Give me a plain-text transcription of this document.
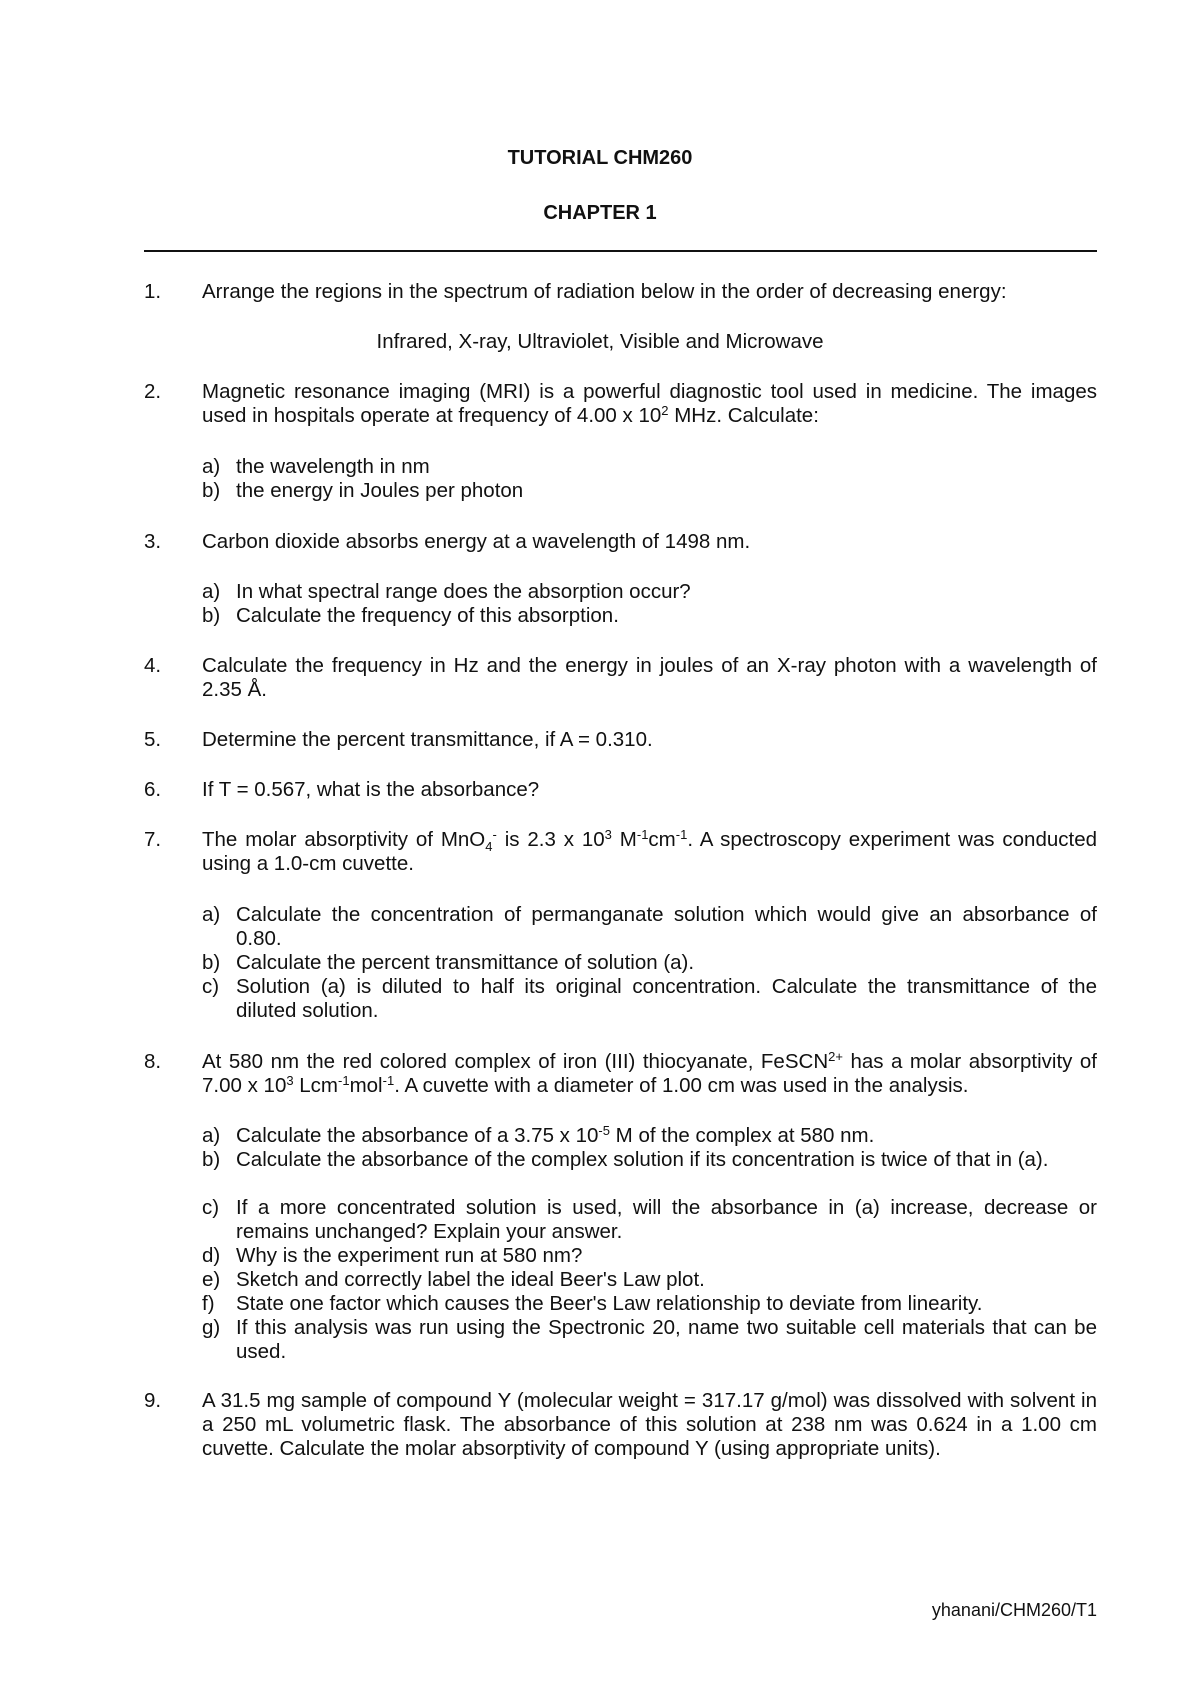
TUTORIAL CHM260
CHAPTER 1
1. Arrange the regions in the spectrum of radiation below in the order of decreasing energy:
Infrared, X-ray, Ultraviolet, Visible and Microwave
2. Magnetic resonance imaging (MRI) is a powerful diagnostic tool used in medicine. The images used in hospitals operate at frequency of 4.00 x $10^2$ MHz. Calculate:
a) the wavelength in nm
b) the energy in Joules per photon
3. Carbon dioxide absorbs energy at a wavelength of 1498 nm.
a) In what spectral range does the absorption occur?
b) Calculate the frequency of this absorption.
4. Calculate the frequency in Hz and the energy in joules of an X-ray photon with a wavelength of 2.35 Å.
5. Determine the percent transmittance, if A = 0.310.
6. If T = 0.567, what is the absorbance?
7. The molar absorptivity of MnO$_4$- is 2.3 x $10^3$ $M^{-1}cm^{-1}$. A spectroscopy experiment was conducted using a 1.0-cm cuvette.
a) Calculate the concentration of permanganate solution which would give an absorbance of 0.80.
b) Calculate the percent transmittance of solution (a).
c) Solution (a) is diluted to half its original concentration. Calculate the transmittance of the diluted solution.
8. At 580 nm the red colored complex of iron (III) thiocyanate, FeSCN$^{2+}$ has a molar absorptivity of 7.00 x $10^3$ Lcm$^{-1}$mol$^{-1}$. A cuvette with a diameter of 1.00 cm was used in the analysis.
a) Calculate the absorbance of a 3.75 x $10^{-5}$ M of the complex at 580 nm.
b) Calculate the absorbance of the complex solution if its concentration is twice of that in (a).
c) If a more concentrated solution is used, will the absorbance in (a) increase, decrease or remains unchanged? Explain your answer.
d) Why is the experiment run at 580 nm?
e) Sketch and correctly label the ideal Beer's Law plot.
f) State one factor which causes the Beer's Law relationship to deviate from linearity.
g) If this analysis was run using the Spectronic 20, name two suitable cell materials that can be used.
9. A 31.5 mg sample of compound Y (molecular weight = 317.17 g/mol) was dissolved with solvent in a 250 mL volumetric flask. The absorbance of this solution at 238 nm was 0.624 in a 1.00 cm cuvette. Calculate the molar absorptivity of compound Y (using appropriate units).
yhanani/CHM260/T1
